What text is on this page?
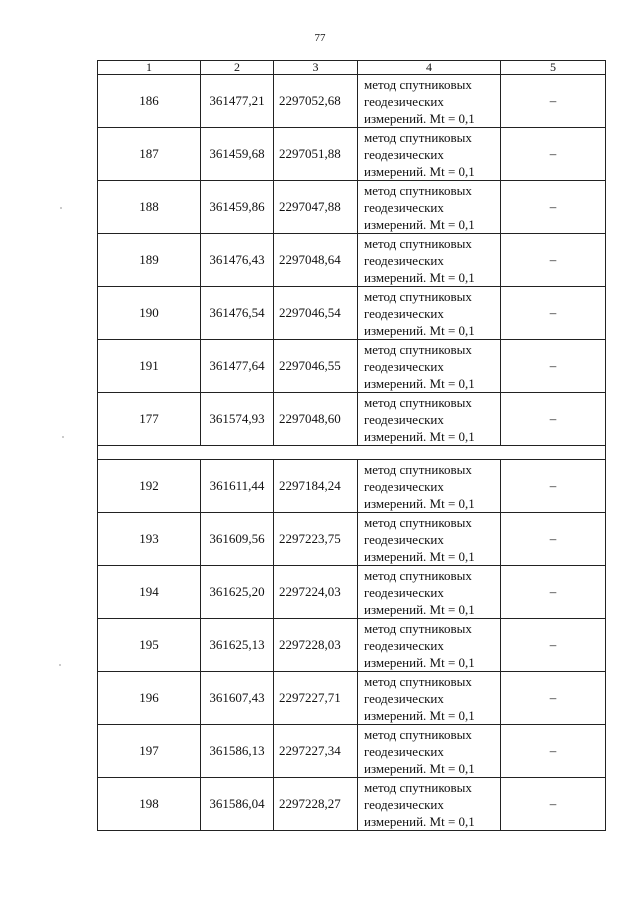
77
1	2	3	4	5
186	361477,21	2297052,68	метод спутниковых
геодезических
измерений. Mt = 0,1	–
187	361459,68	2297051,88	метод спутниковых
геодезических
измерений. Mt = 0,1	–
188	361459,86	2297047,88	метод спутниковых
геодезических
измерений. Mt = 0,1	–
189	361476,43	2297048,64	метод спутниковых
геодезических
измерений. Mt = 0,1	–
190	361476,54	2297046,54	метод спутниковых
геодезических
измерений. Mt = 0,1	–
191	361477,64	2297046,55	метод спутниковых
геодезических
измерений. Mt = 0,1	–
177	361574,93	2297048,60	метод спутниковых
геодезических
измерений. Mt = 0,1	–

192	361611,44	2297184,24	метод спутниковых
геодезических
измерений. Mt = 0,1	–
193	361609,56	2297223,75	метод спутниковых
геодезических
измерений. Mt = 0,1	–
194	361625,20	2297224,03	метод спутниковых
геодезических
измерений. Mt = 0,1	–
195	361625,13	2297228,03	метод спутниковых
геодезических
измерений. Mt = 0,1	–
196	361607,43	2297227,71	метод спутниковых
геодезических
измерений. Mt = 0,1	–
197	361586,13	2297227,34	метод спутниковых
геодезических
измерений. Mt = 0,1	–
198	361586,04	2297228,27	метод спутниковых
геодезических
измерений. Mt = 0,1	–
